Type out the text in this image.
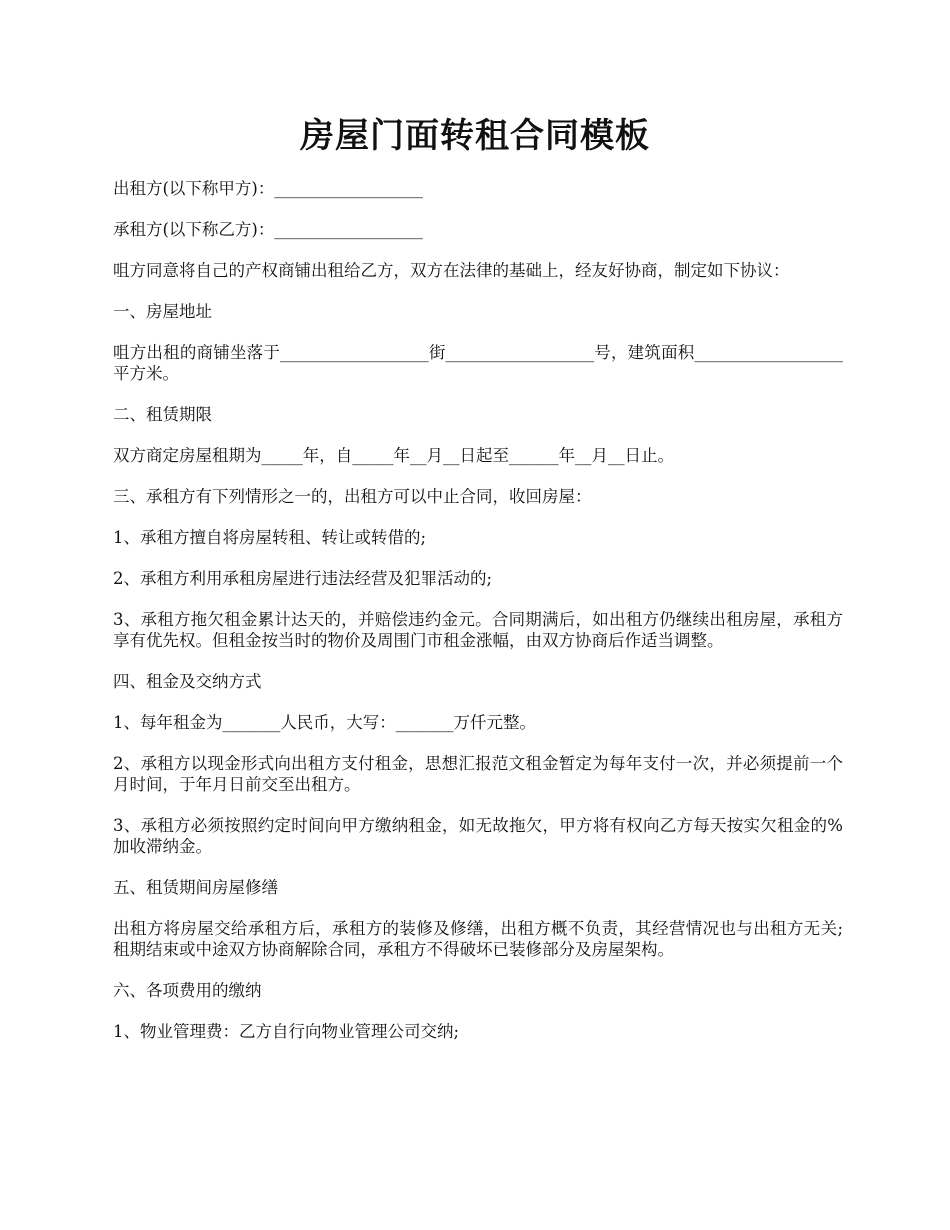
房屋门面转租合同模板

出租方(以下称甲方)：__________________

承租方(以下称乙方)：__________________

咀方同意将自己的产权商铺出租给乙方，双方在法律的基础上，经友好协商，制定如下协议：

一、房屋地址

咀方出租的商铺坐落于__________________街__________________号，建筑面积__________________平方米。

二、租赁期限

双方商定房屋租期为_____年，自_____年__月__日起至______年__月__日止。

三、承租方有下列情形之一的，出租方可以中止合同，收回房屋：

1、承租方擅自将房屋转租、转让或转借的;

2、承租方利用承租房屋进行违法经营及犯罪活动的;

3、承租方拖欠租金累计达天的，并赔偿违约金元。合同期满后，如出租方仍继续出租房屋，承租方享有优先权。但租金按当时的物价及周围门市租金涨幅，由双方协商后作适当调整。

四、租金及交纳方式

1、每年租金为_______人民币，大写：_______万仟元整。

2、承租方以现金形式向出租方支付租金，思想汇报范文租金暂定为每年支付一次，并必须提前一个月时间，于年月日前交至出租方。

3、承租方必须按照约定时间向甲方缴纳租金，如无故拖欠，甲方将有权向乙方每天按实欠租金的%加收滞纳金。

五、租赁期间房屋修缮

出租方将房屋交给承租方后，承租方的装修及修缮，出租方概不负责，其经营情况也与出租方无关;租期结束或中途双方协商解除合同，承租方不得破坏已装修部分及房屋架构。

六、各项费用的缴纳

1、物业管理费：乙方自行向物业管理公司交纳;
